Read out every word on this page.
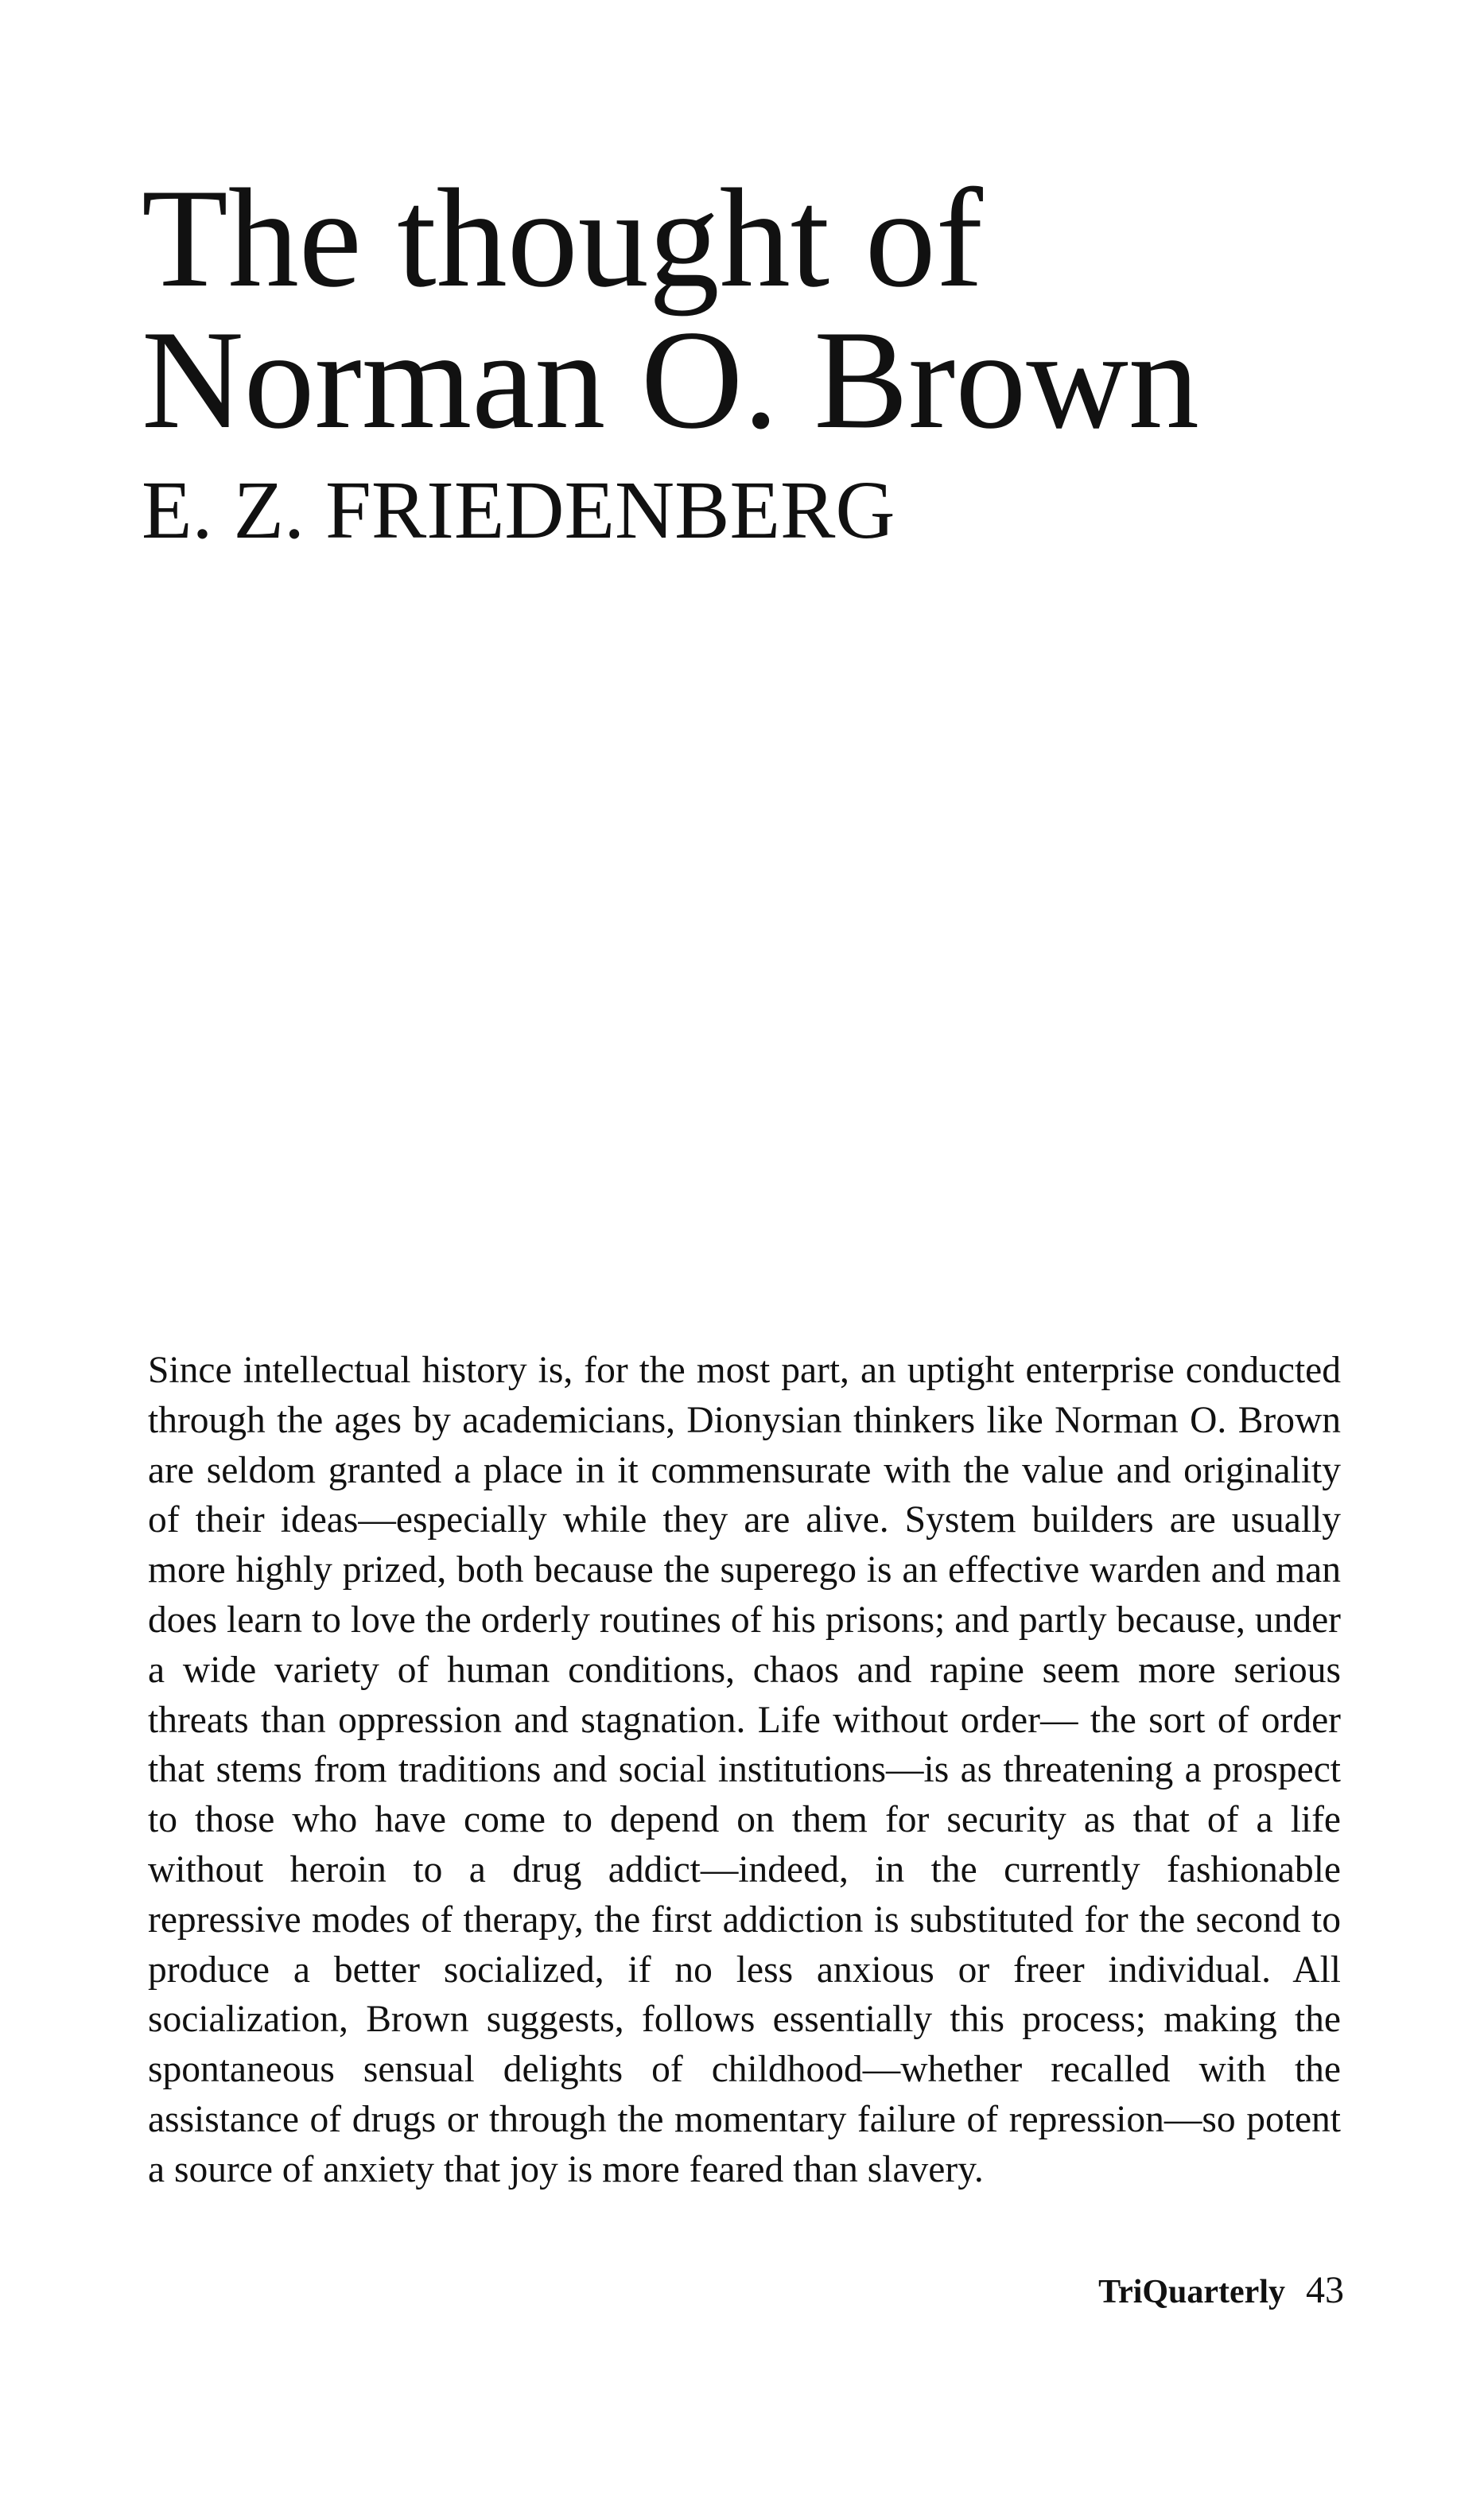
The thought of
Norman O. Brown
E. Z. FRIEDENBERG

Since intellectual history is, for the most part, an uptight enterprise conducted through the ages by academicians, Dionysian thinkers like Norman O. Brown are seldom granted a place in it commensurate with the value and originality of their ideas—especially while they are alive. System builders are usually more highly prized, both because the superego is an effective warden and man does learn to love the orderly routines of his prisons; and partly because, under a wide variety of human conditions, chaos and rapine seem more serious threats than oppression and stagnation. Life without order— the sort of order that stems from traditions and social institutions—is as threatening a prospect to those who have come to depend on them for security as that of a life without heroin to a drug addict—indeed, in the currently fashionable repressive modes of therapy, the first addiction is substituted for the second to produce a better socialized, if no less anxious or freer individual. All socialization, Brown suggests, follows essentially this process; making the spontaneous sensual delights of childhood—whether recalled with the assistance of drugs or through the momentary failure of repression—so potent a source of anxiety that joy is more feared than slavery.

TriQuarterly 43
